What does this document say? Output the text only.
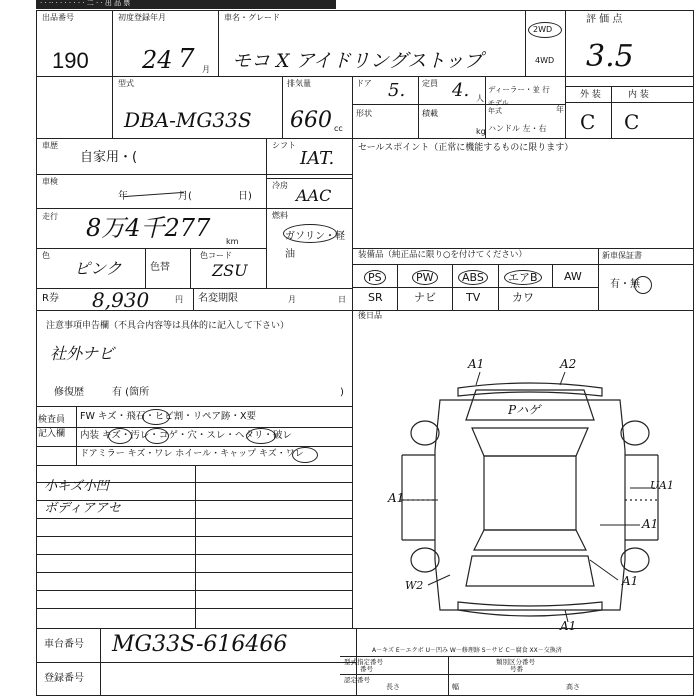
· · ·· · · · · · · · 二 · · 出 品 票
出品番号
190
初度登録年月
24 7 月
車名・グレード
モコ X アイドリングストップ
2WD
4WD
評 価 点
3.5
型式
DBA-MG33S
排気量
660 cc
ドア 5. 定員 4. 人
形状	積載
kg
ディーラー・並 行
モデル
年式	年
ハンドル 左・右
外 装	内 装
C C
車歴
自家用・(
シフト
IAT.
車検
年	月(	日)
冷房
AAC
走行 8万4千277 km
燃料
ガソリン・軽 油
色
ピンク	色替
色コード
ZSU
R券 8,930	円 名変期限	月	日
セールスポイント（正常に機能するものに限ります）
装備品（純正品に限り○を付けてください）	新車保証書
有・無
PS	PW	ABS	エアB	AW
SR	ナビ	TV	カワ
後日品
注意事項申告欄（不具合内容等は具体的に記入して下さい）
社外ナビ
修復歴	有 (箇所	)
検査員
記入欄
FW キズ・飛石・ヒビ割・リペア跡・X要
内装 キズ・汚レ・コゲ・穴・スレ・ヘタリ・破レ
ドアミラー キズ・ワレ ホイール・キャップ キズ・ワレ
小キズ小凹
ボディアアセ
A1	A2
Pハゲ
A1
UA1
A1
A1
W2
A1
車台番号 MG33S-616466
登録番号
A－キズ E－エクボ U－凹み W－修理跡 S－サビ C－腐食 XX－交換済
型式指定番号	類別区分番号
番号	号番
認定番号
長さ	幅	高さ
